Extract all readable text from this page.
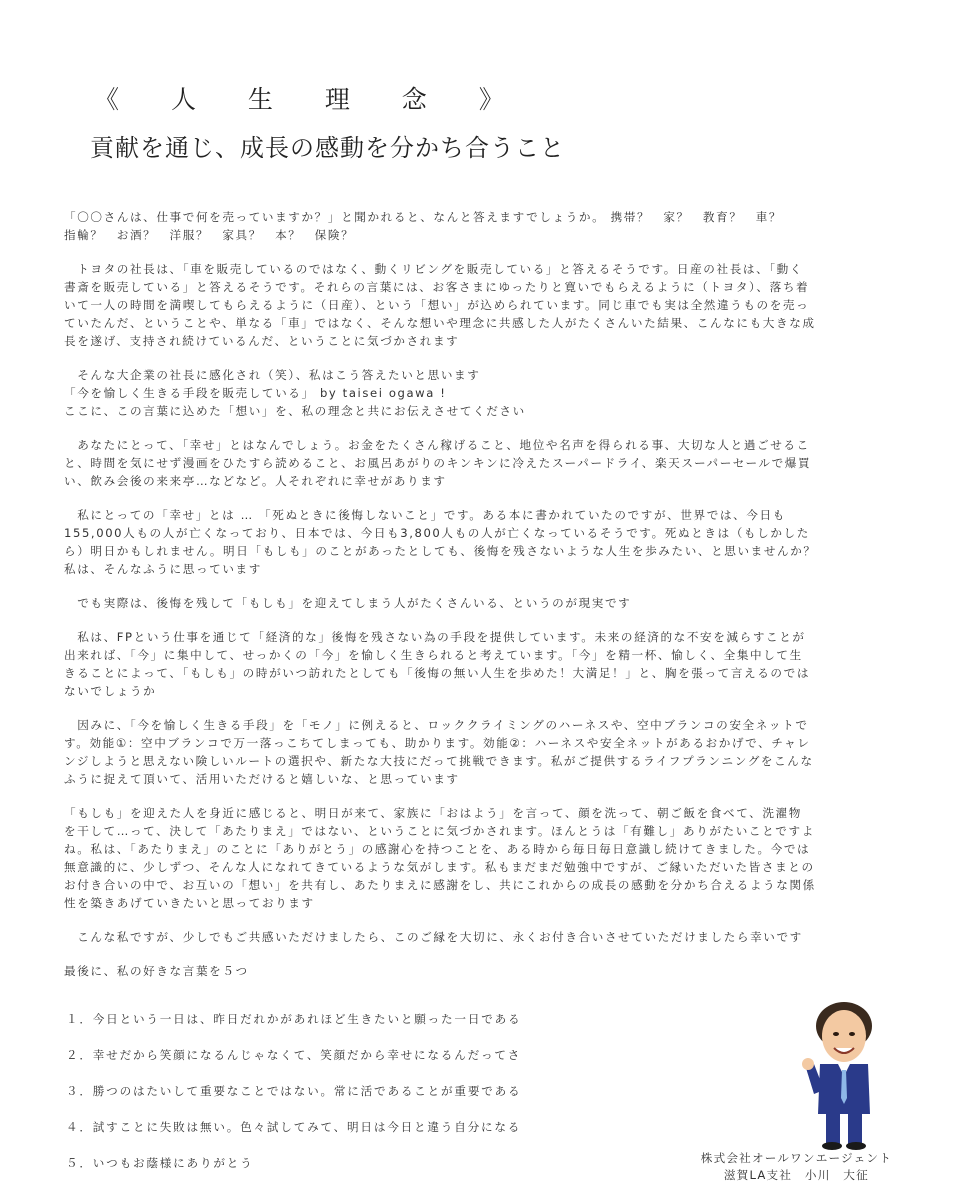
《 人 生 理 念 》
貢献を通じ、成長の感動を分かち合うこと

「〇〇さんは、仕事で何を売っていますか？」と聞かれると、なんと答えますでしょうか。 携帯？　家？　教育？　車？
指輪？　お酒？　洋服？　家具？　本？　保険？

　トヨタの社長は、「車を販売しているのではなく、動くリビングを販売している」と答えるそうです。日産の社長は、「動く
書斎を販売している」と答えるそうです。それらの言葉には、お客さまにゆったりと寛いでもらえるように（トヨタ）、落ち着
いて一人の時間を満喫してもらえるように（日産）、という「想い」が込められています。同じ車でも実は全然違うものを売っ
ていたんだ、ということや、単なる「車」ではなく、そんな想いや理念に共感した人がたくさんいた結果、こんなにも大きな成
長を遂げ、支持され続けているんだ、ということに気づかされます

　そんな大企業の社長に感化され（笑）、私はこう答えたいと思います
「今を愉しく生きる手段を販売している」 by taisei ogawa !
ここに、この言葉に込めた「想い」を、私の理念と共にお伝えさせてください

　あなたにとって、「幸せ」とはなんでしょう。お金をたくさん稼げること、地位や名声を得られる事、大切な人と過ごせるこ
と、時間を気にせず漫画をひたすら読めること、お風呂あがりのキンキンに冷えたスーパードライ、楽天スーパーセールで爆買
い、飲み会後の来来亭…などなど。人それぞれに幸せがあります

　私にとっての「幸せ」とは … 「死ぬときに後悔しないこと」です。ある本に書かれていたのですが、世界では、今日も
155,000人もの人が亡くなっており、日本では、今日も3,800人もの人が亡くなっているそうです。死ぬときは（もしかした
ら）明日かもしれません。明日「もしも」のことがあったとしても、後悔を残さないような人生を歩みたい、と思いませんか？
私は、そんなふうに思っています

　でも実際は、後悔を残して「もしも」を迎えてしまう人がたくさんいる、というのが現実です

　私は、FPという仕事を通じて「経済的な」後悔を残さない為の手段を提供しています。未来の経済的な不安を減らすことが
出来れば、「今」に集中して、せっかくの「今」を愉しく生きられると考えています。「今」を精一杯、愉しく、全集中して生
きることによって、「もしも」の時がいつ訪れたとしても「後悔の無い人生を歩めた！大満足！」と、胸を張って言えるのでは
ないでしょうか

　因みに、「今を愉しく生きる手段」を「モノ」に例えると、ロッククライミングのハーネスや、空中ブランコの安全ネットで
す。効能①：空中ブランコで万一落っこちてしまっても、助かります。効能②：ハーネスや安全ネットがあるおかげで、チャレ
ンジしようと思えない険しいルートの選択や、新たな大技にだって挑戦できます。私がご提供するライフプランニングをこんな
ふうに捉えて頂いて、活用いただけると嬉しいな、と思っています

「もしも」を迎えた人を身近に感じると、明日が来て、家族に「おはよう」を言って、顔を洗って、朝ご飯を食べて、洗濯物
を干して…って、決して「あたりまえ」ではない、ということに気づかされます。ほんとうは「有難し」ありがたいことですよ
ね。私は、「あたりまえ」のことに「ありがとう」の感謝心を持つことを、ある時から毎日毎日意識し続けてきました。今では
無意識的に、少しずつ、そんな人になれてきているような気がします。私もまだまだ勉強中ですが、ご縁いただいた皆さまとの
お付き合いの中で、お互いの「想い」を共有し、あたりまえに感謝をし、共にこれからの成長の感動を分かち合えるような関係
性を築きあげていきたいと思っております

　こんな私ですが、少しでもご共感いただけましたら、このご縁を大切に、永くお付き合いさせていただけましたら幸いです

最後に、私の好きな言葉を５つ

１．今日という一日は、昨日だれかがあれほど生きたいと願った一日である
２．幸せだから笑顔になるんじゃなくて、笑顔だから幸せになるんだってさ
３．勝つのはたいして重要なことではない。常に活であることが重要である
４．試すことに失敗は無い。色々試してみて、明日は今日と違う自分になる
５．いつもお蔭様にありがとう	株式会社オールワンエージェント
滋賀LA支社　小川　大征
